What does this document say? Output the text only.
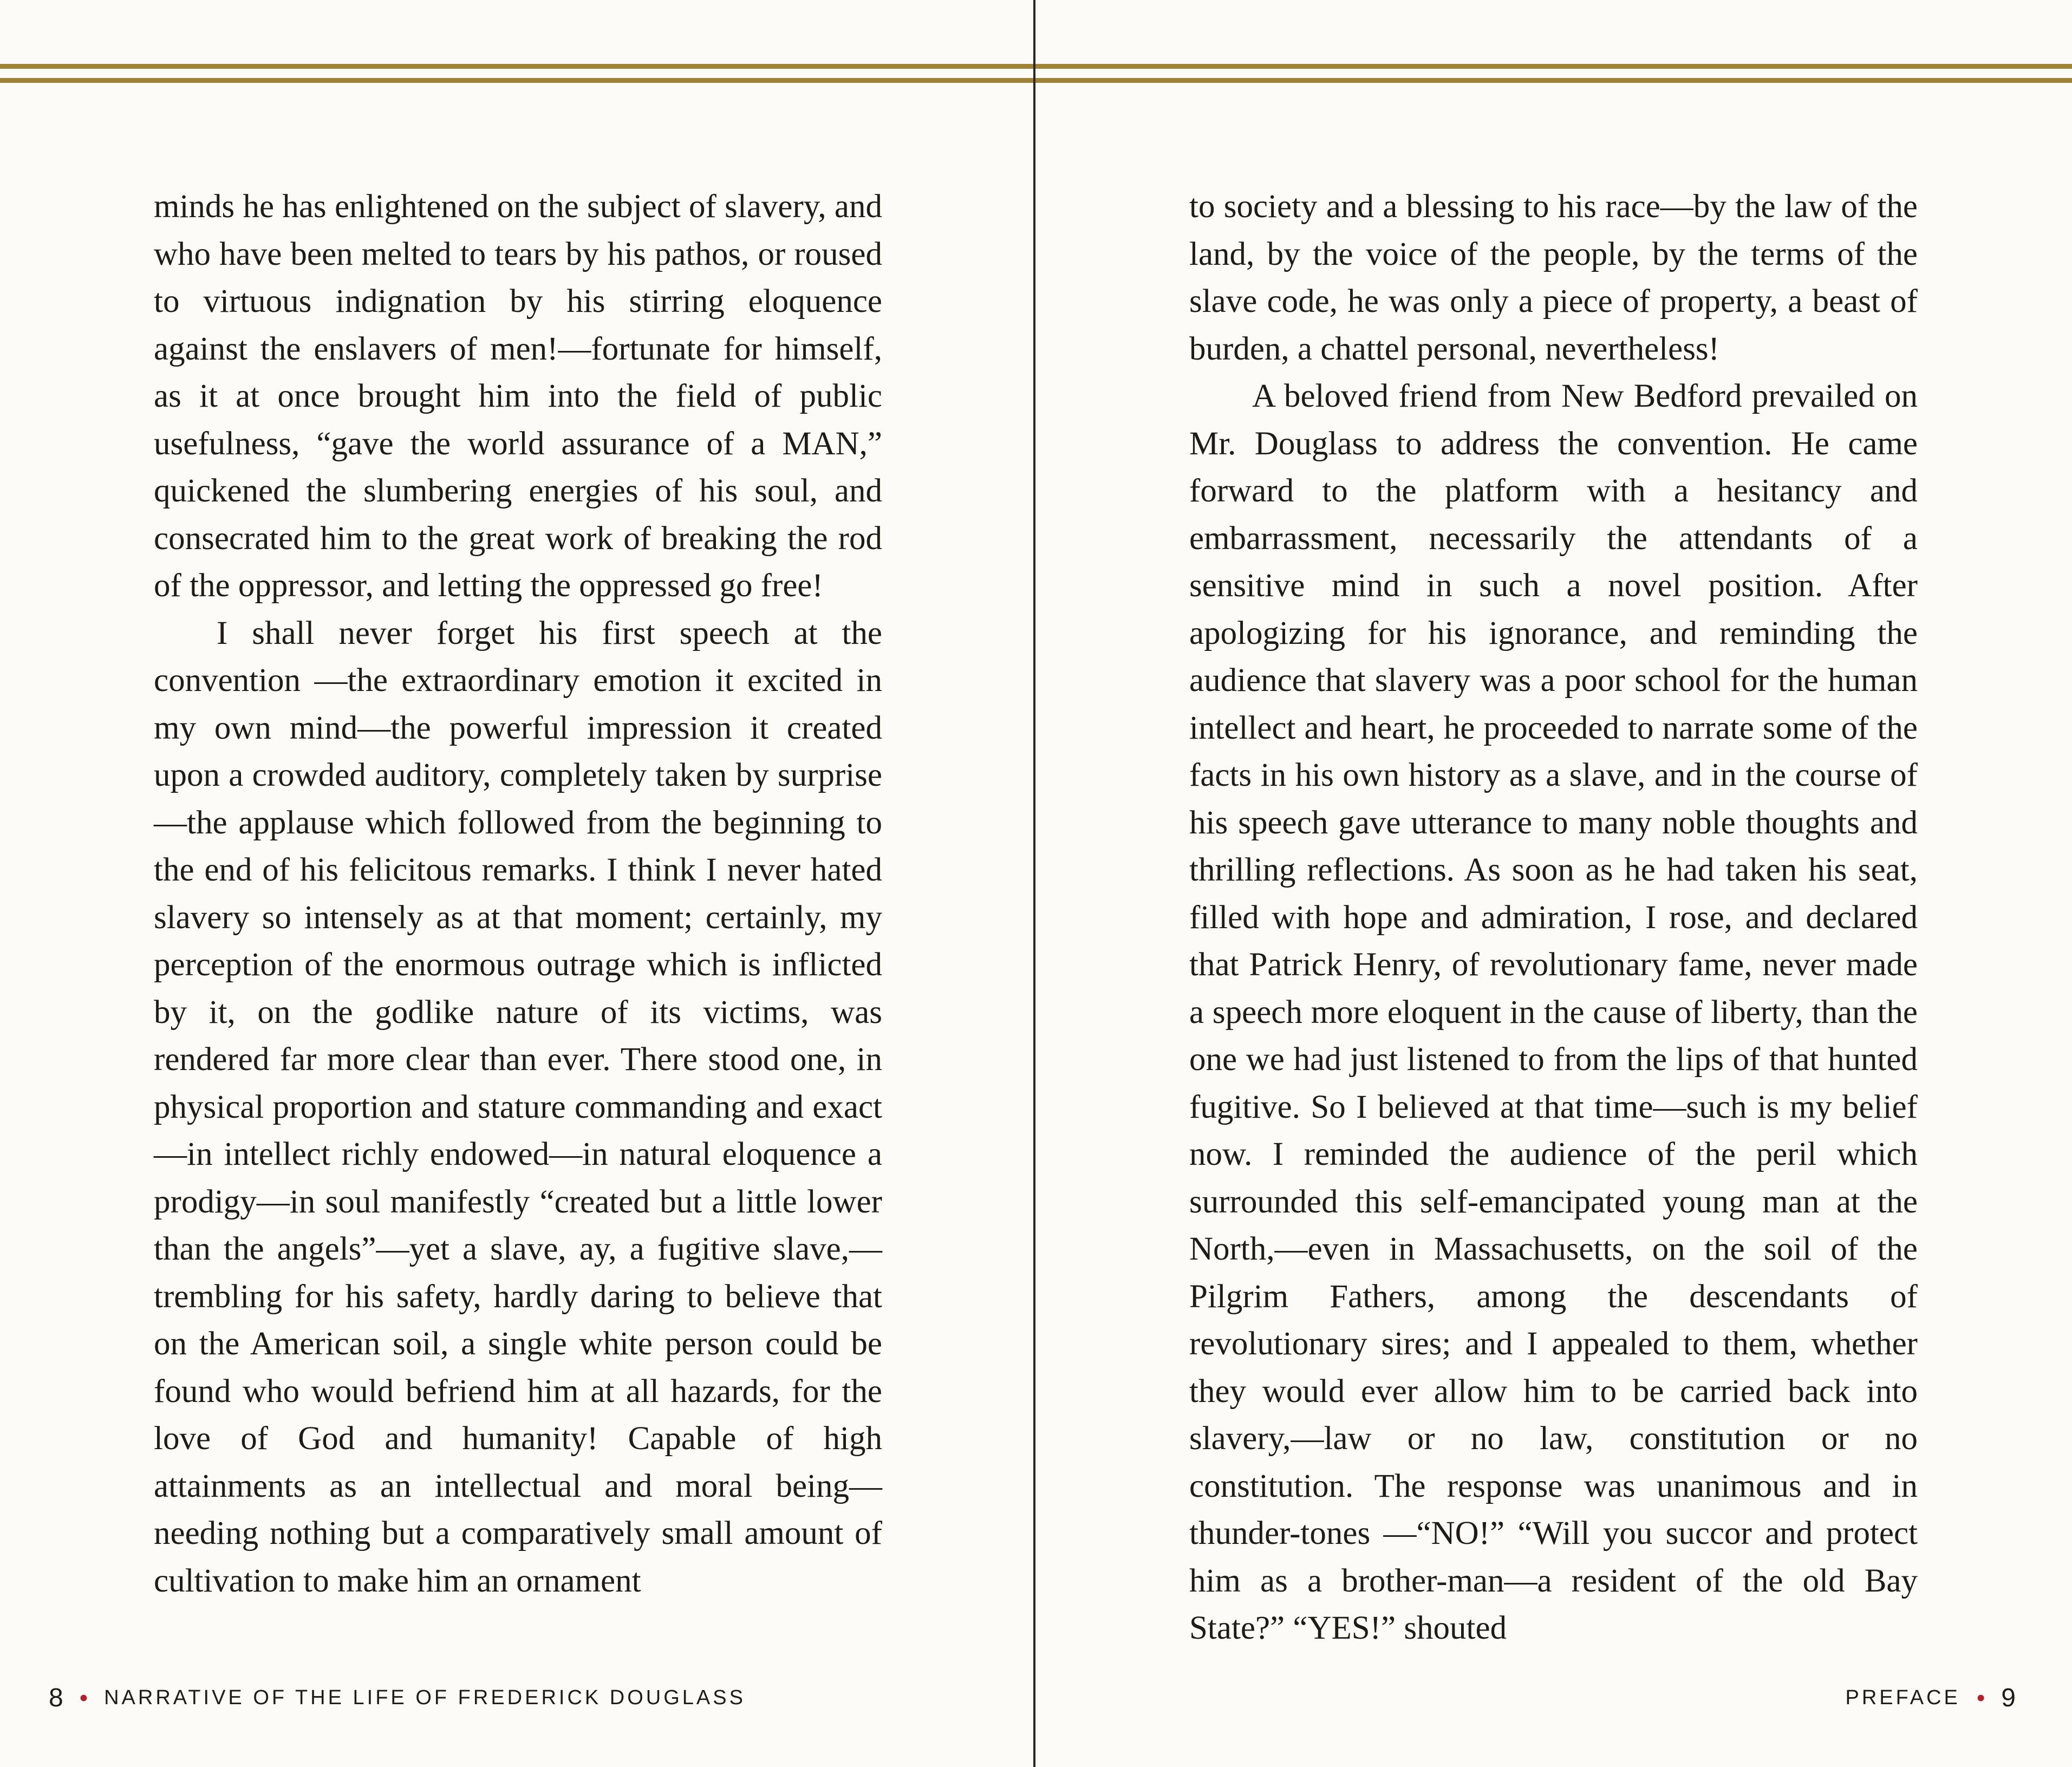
minds he has enlightened on the subject of slavery, and who have been melted to tears by his pathos, or roused to virtuous indignation by his stirring eloquence against the enslavers of men!—fortunate for himself, as it at once brought him into the field of public usefulness, “gave the world assurance of a MAN,” quickened the slumbering energies of his soul, and consecrated him to the great work of breaking the rod of the oppressor, and letting the oppressed go free!

I shall never forget his first speech at the convention —the extraordinary emotion it excited in my own mind—the powerful impression it created upon a crowded auditory, completely taken by surprise—the applause which followed from the beginning to the end of his felicitous remarks. I think I never hated slavery so intensely as at that moment; certainly, my perception of the enormous outrage which is inflicted by it, on the godlike nature of its victims, was rendered far more clear than ever. There stood one, in physical proportion and stature commanding and exact—in intellect richly endowed—in natural eloquence a prodigy—in soul manifestly “created but a little lower than the angels”—yet a slave, ay, a fugitive slave,—trembling for his safety, hardly daring to believe that on the American soil, a single white person could be found who would befriend him at all hazards, for the love of God and humanity! Capable of high attainments as an intellectual and moral being—needing nothing but a comparatively small amount of cultivation to make him an ornament

to society and a blessing to his race—by the law of the land, by the voice of the people, by the terms of the slave code, he was only a piece of property, a beast of burden, a chattel personal, nevertheless!

A beloved friend from New Bedford prevailed on Mr. Douglass to address the convention. He came forward to the platform with a hesitancy and embarrassment, necessarily the attendants of a sensitive mind in such a novel position. After apologizing for his ignorance, and reminding the audience that slavery was a poor school for the human intellect and heart, he proceeded to narrate some of the facts in his own history as a slave, and in the course of his speech gave utterance to many noble thoughts and thrilling reflections. As soon as he had taken his seat, filled with hope and admiration, I rose, and declared that Patrick Henry, of revolutionary fame, never made a speech more eloquent in the cause of liberty, than the one we had just listened to from the lips of that hunted fugitive. So I believed at that time—such is my belief now. I reminded the audience of the peril which surrounded this self-emancipated young man at the North,—even in Massachusetts, on the soil of the Pilgrim Fathers, among the descendants of revolutionary sires; and I appealed to them, whether they would ever allow him to be carried back into slavery,—law or no law, constitution or no constitution. The response was unanimous and in thunder-tones —“NO!” “Will you succor and protect him as a brother-man—a resident of the old Bay State?” “YES!” shouted

8 • NARRATIVE OF THE LIFE OF FREDERICK DOUGLASS	PREFACE • 9
